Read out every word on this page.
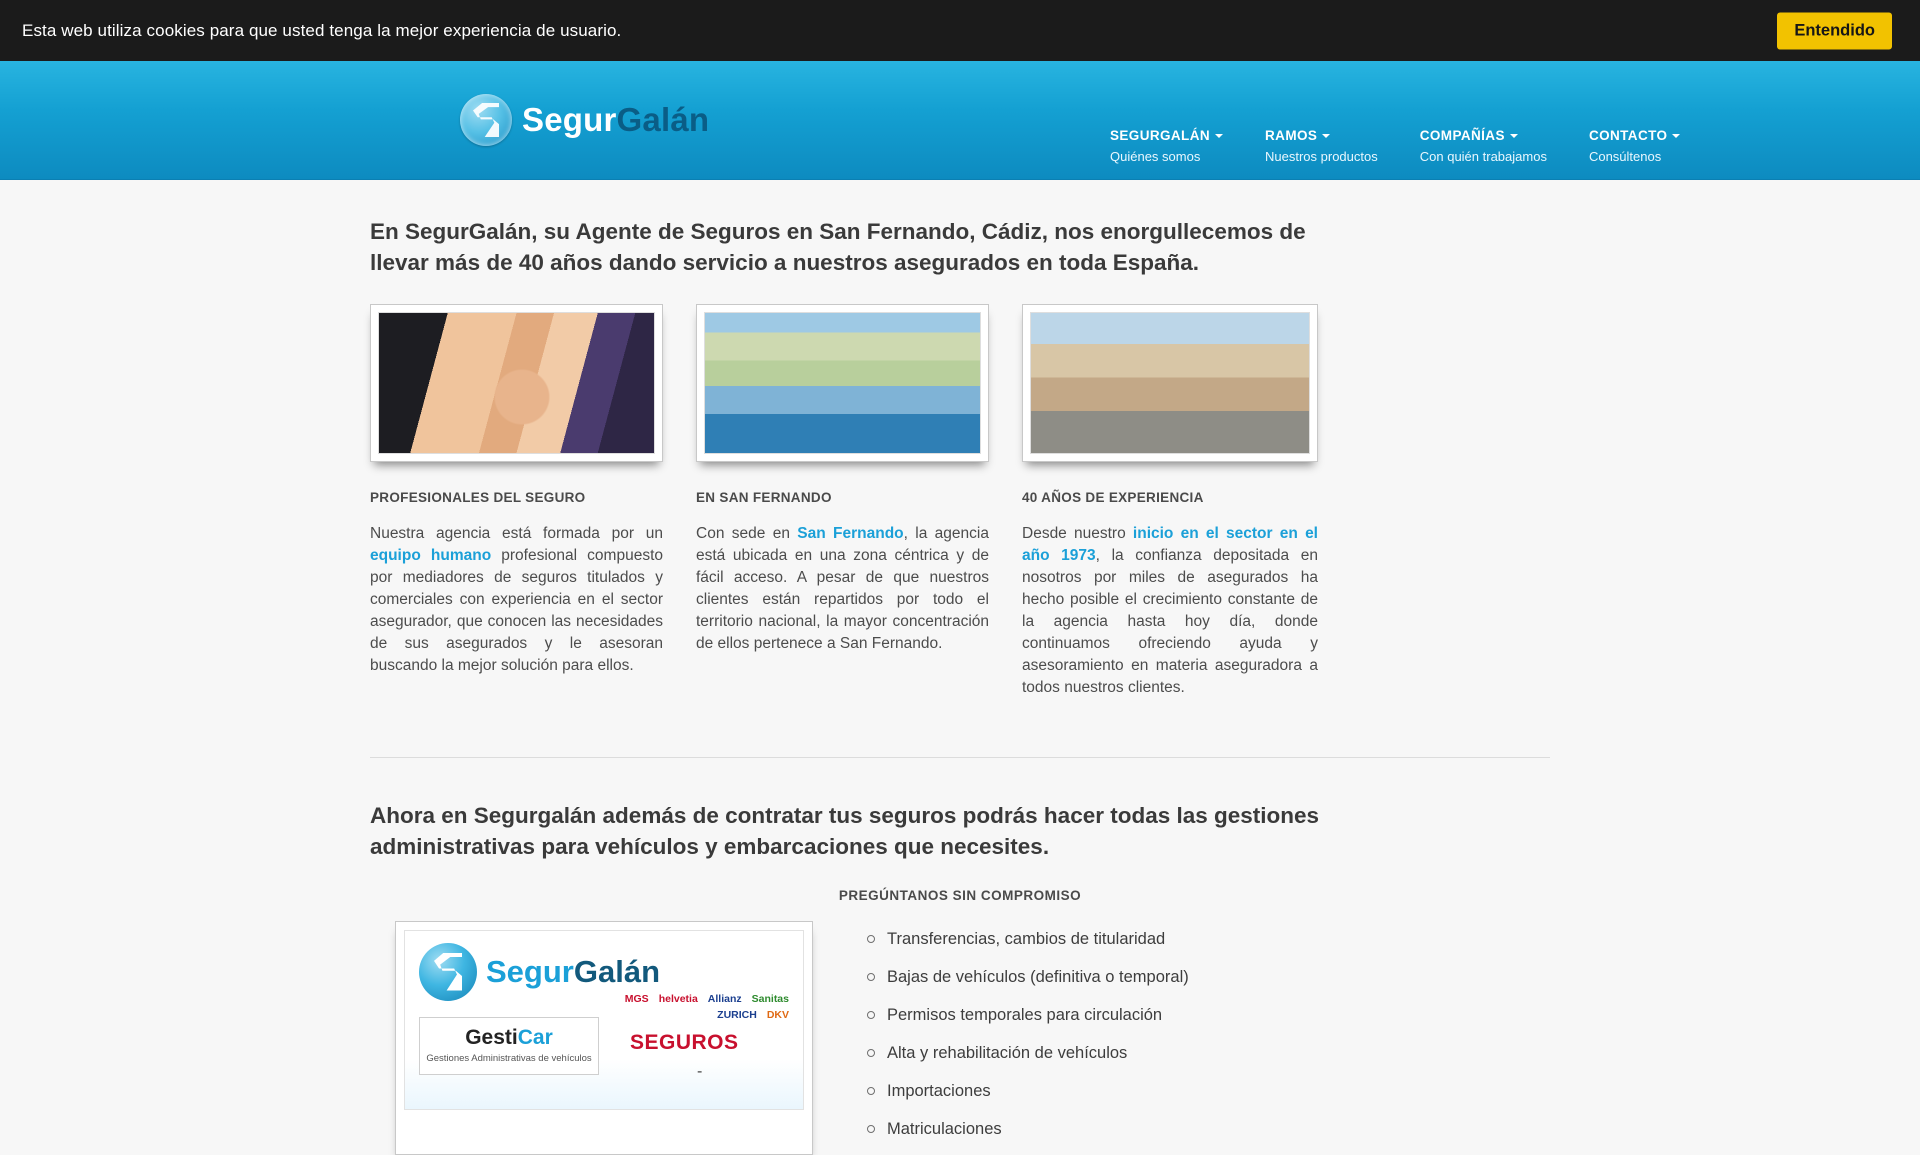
Esta web utiliza cookies para que usted tenga la mejor experiencia de usuario.	Entendido
SegurGalán	SEGURGALÁN
Quiénes somos
RAMOS
Nuestros productos
COMPAÑÍAS
Con quién trabajamos
CONTACTO
Consúltenos
En SegurGalán, su Agente de Seguros en San Fernando, Cádiz, nos enorgullecemos de llevar más de 40 años dando servicio a nuestros asegurados en toda España.
PROFESIONALES DEL SEGURO

Nuestra agencia está formada por un equipo humano profesional compuesto por mediadores de seguros titulados y comerciales con experiencia en el sector asegurador, que conocen las necesidades de sus asegurados y le asesoran buscando la mejor solución para ellos.

EN SAN FERNANDO

Con sede en San Fernando, la agencia está ubicada en una zona céntrica y de fácil acceso. A pesar de que nuestros clientes están repartidos por todo el territorio nacional, la mayor concentración de ellos pertenece a San Fernando.

40 AÑOS DE EXPERIENCIA

Desde nuestro inicio en el sector en el año 1973, la confianza depositada en nosotros por miles de asegurados ha hecho posible el crecimiento constante de la agencia hasta hoy día, donde continuamos ofreciendo ayuda y asesoramiento en materia aseguradora a todos nuestros clientes.

Ahora en Segurgalán además de contratar tus seguros podrás hacer todas las gestiones administrativas para vehículos y embarcaciones que necesites.
PREGÚNTANOS SIN COMPROMISO
SegurGalán
MGS helvetia Allianz Sanitas
ZURICH DKV
GestiCar
Gestiones Administrativas de vehículos
SEGUROS
-
Transferencias, cambios de titularidad
Bajas de vehículos (definitiva o temporal)
Permisos temporales para circulación
Alta y rehabilitación de vehículos
Importaciones
Matriculaciones
